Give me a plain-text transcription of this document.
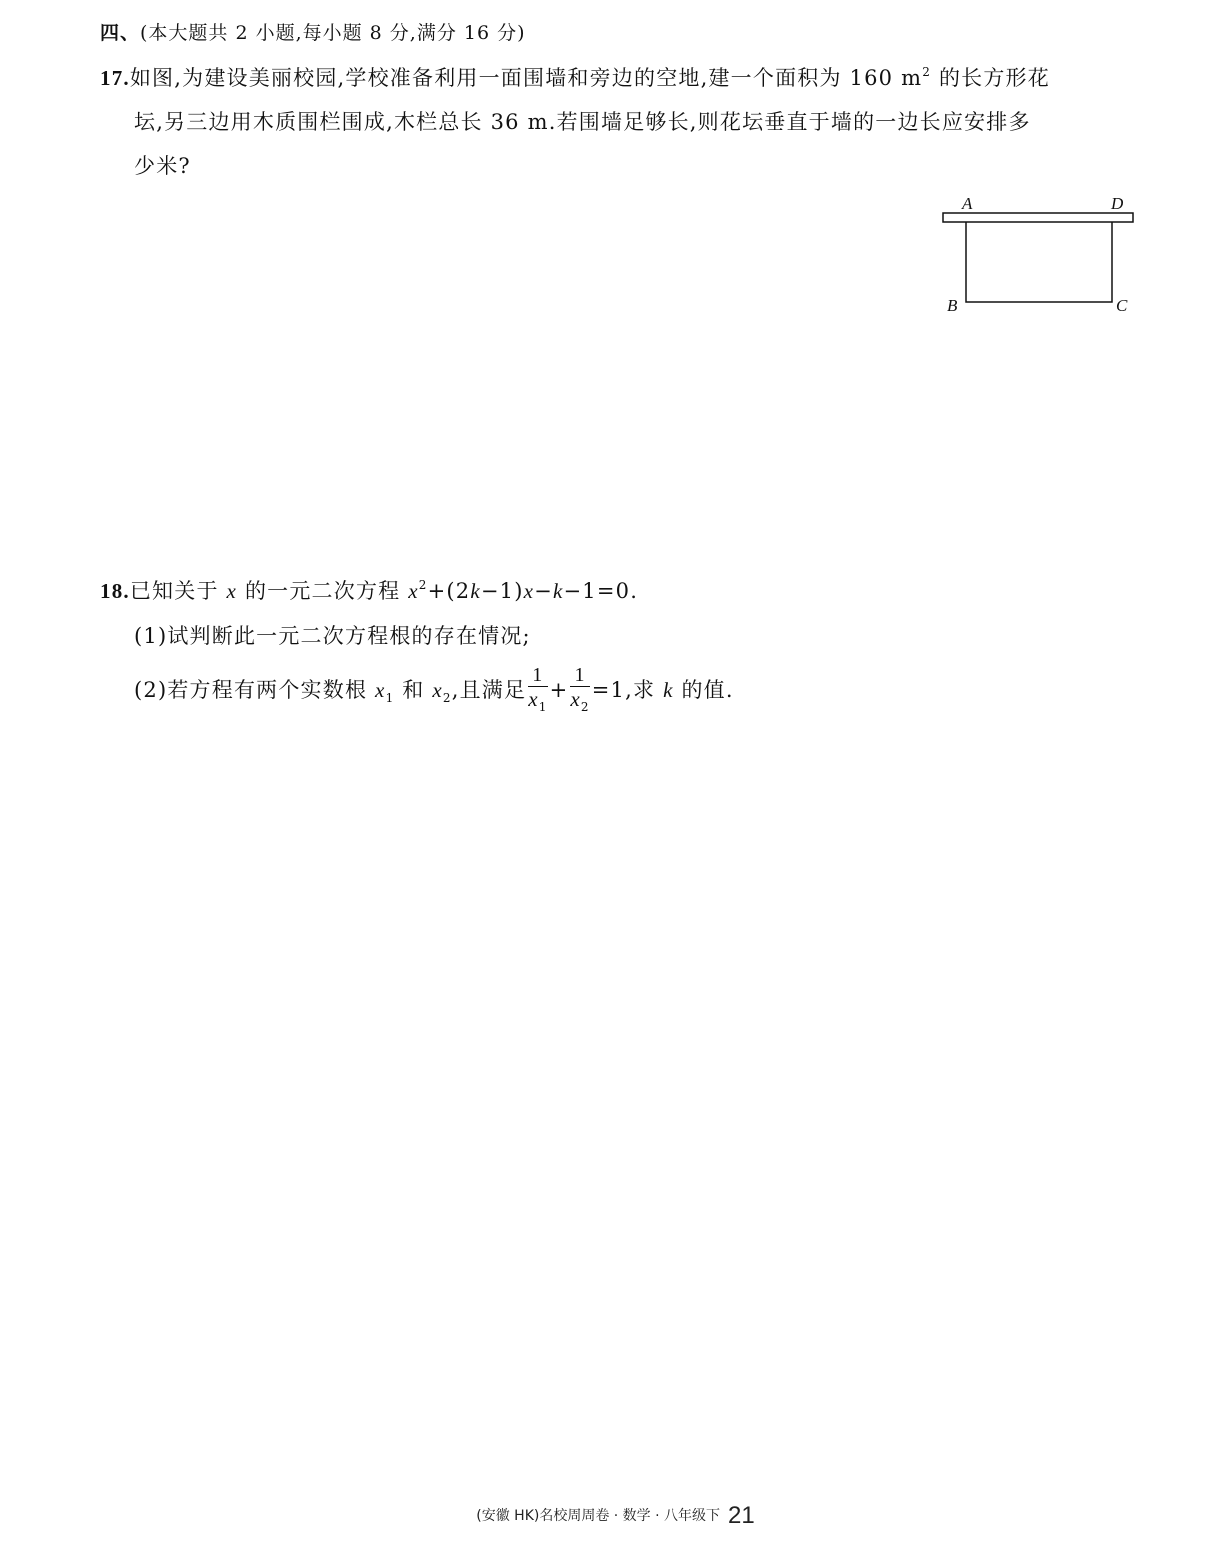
四、(本大题共 2 小题,每小题 8 分,满分 16 分)
17.如图,为建设美丽校园,学校准备利用一面围墙和旁边的空地,建一个面积为 160 $m^2$ 的长方形花
坛,另三边用木质围栏围成,木栏总长 36 m.若围墙足够长,则花坛垂直于墙的一边长应安排多
少米?
A	D
B	C
18.已知关于 x 的一元二次方程 $x^2+(2k-1)x-k-1=0$.
(1)试判断此一元二次方程根的存在情况;
(2)若方程有两个实数根 $x_1$ 和 $x_2$,且满足 $\frac{1}{x_1} + \frac{1}{x_2} =1$,求 k 的值.
(安徽 HK)名校周周卷 · 数学 · 八年级下 21
